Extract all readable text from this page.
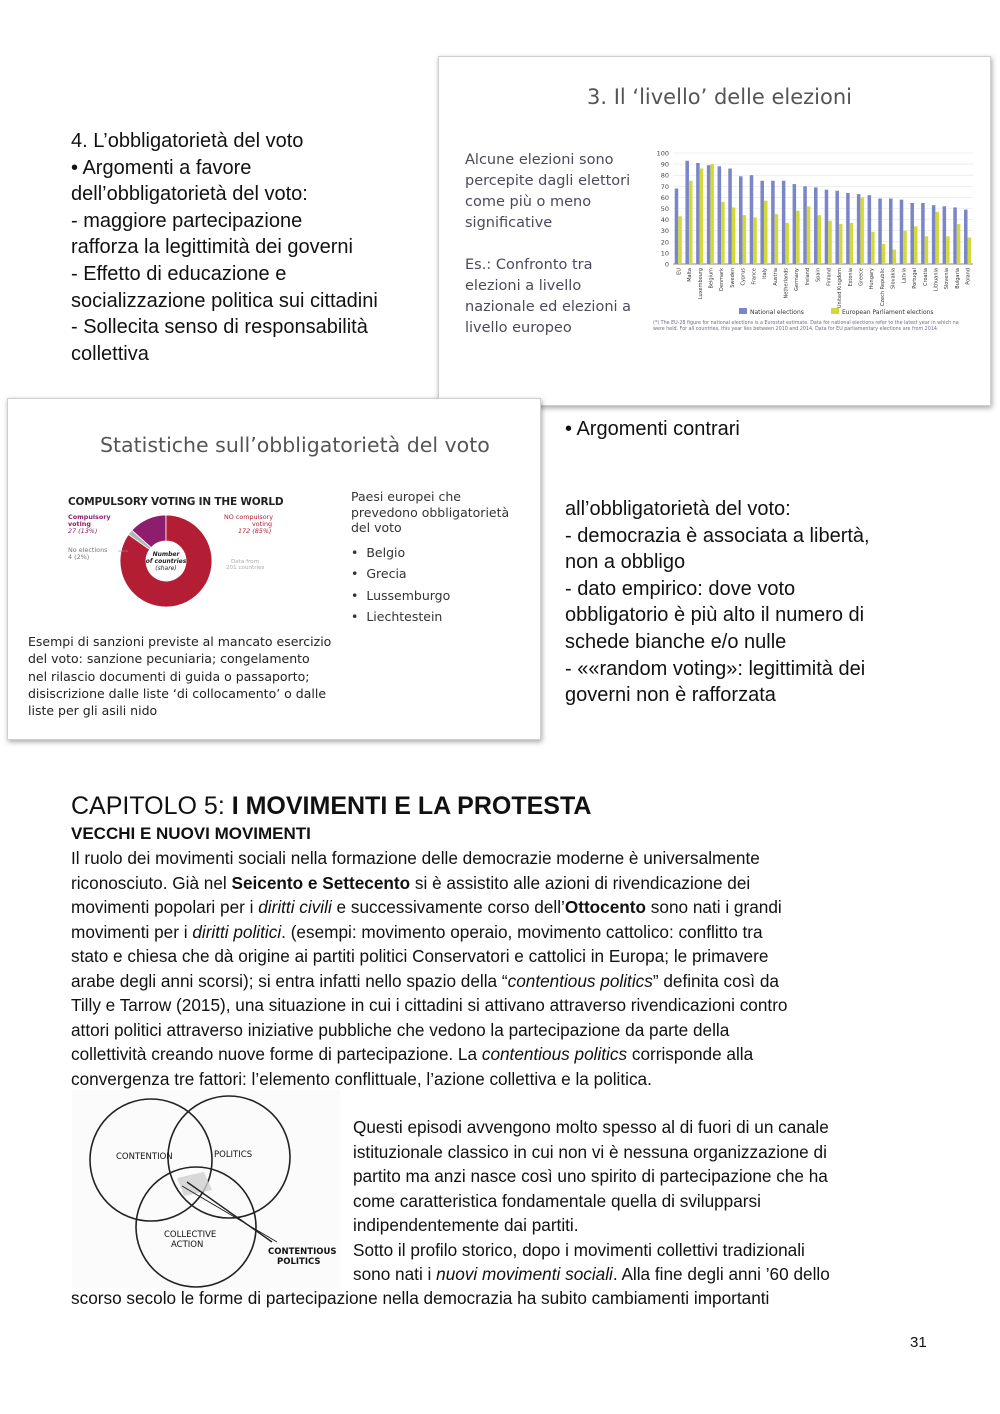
4. L’obbligatorietà del voto
• Argomenti a favore
dell’obbligatorietà del voto:
- maggiore partecipazione
rafforza la legittimità dei governi
- Effetto di educazione e
socializzazione politica sui cittadini
- Sollecita senso di responsabilità
collettiva
3. Il ‘livello’ delle elezioni
Alcune elezioni sono
percepite dagli elettori
come più o meno
significative
Es.: Confronto tra
elezioni a livello
nazionale ed elezioni a
livello europeo
0
10
20
30
40
50
60
70
80
90
100
EU Malta Luxembourg Belgium Denmark Sweden Cyprus France Italy Austria Netherlands Germany Ireland Spain Finland United Kingdom Estonia Greece Hungary Czech Republic Slovakia Latvia Portugal Croatia Lithuania Slovenia Bulgaria Poland
National elections	European Parliament elections
(*) The EU-28 figure for national elections is a Eurostat estimate. Data for national elections refer to the latest year in which na were held. For all countries, this year lies between 2010 and 2014. Data for EU parliamentary elections are from 2014.
Statistiche sull’obbligatorietà del voto
COMPULSORY VOTING IN THE WORLD
Number
of countries
(share)
Compulsory
voting
27 (13%)
NO compulsory
voting
172 (85%)
No elections
4 (2%)
Data from
201 countries
Paesi europei che
prevedono obbligatorietà
del voto
•  Belgio
•  Grecia
•  Lussemburgo
•  Liechtestein
Esempi di sanzioni previste al mancato esercizio
del voto: sanzione pecuniaria; congelamento
nel rilascio documenti di guida o passaporto;
disiscrizione dalle liste ‘di collocamento’ o dalle
liste per gli asili nido
• Argomenti contrari
all’obbligatorietà del voto:
- democrazia è associata a libertà,
non a obbligo
- dato empirico: dove voto
obbligatorio è più alto il numero di
schede bianche e/o nulle
- ««random voting»: legittimità dei
governi non è rafforzata
CAPITOLO 5: I MOVIMENTI E LA PROTESTA
VECCHI E NUOVI MOVIMENTI
Il ruolo dei movimenti sociali nella formazione delle democrazie moderne è universalmente
riconosciuto. Già nel Seicento e Settecento si è assistito alle azioni di rivendicazione dei
movimenti popolari per i diritti civili e successivamente corso dell’Ottocento sono nati i grandi
movimenti per i diritti politici. (esempi: movimento operaio, movimento cattolico: conflitto tra
stato e chiesa che dà origine ai partiti politici Conservatori e cattolici in Europa; le primavere
arabe degli anni scorsi); si entra infatti nello spazio della “contentious politics” definita così da
Tilly e Tarrow (2015), una situazione in cui i cittadini si attivano attraverso rivendicazioni contro
attori politici attraverso iniziative pubbliche che vedono la partecipazione da parte della
collettività creando nuove forme di partecipazione. La contentious politics corrisponde alla
convergenza tre fattori: l’elemento conflittuale, l’azione collettiva e la politica.
CONTENTION	POLITICS
COLLECTIVE
ACTION
CONTENTIOUS
POLITICS
Questi episodi avvengono molto spesso al di fuori di un canale
istituzionale classico in cui non vi è nessuna organizzazione di
partito ma anzi nasce così uno spirito di partecipazione che ha
come caratteristica fondamentale quella di svilupparsi
indipendentemente dai partiti.
Sotto il profilo storico, dopo i movimenti collettivi tradizionali
sono nati i nuovi movimenti sociali. Alla fine degli anni ’60 dello
scorso secolo le forme di partecipazione nella democrazia ha subito cambiamenti importanti
31
